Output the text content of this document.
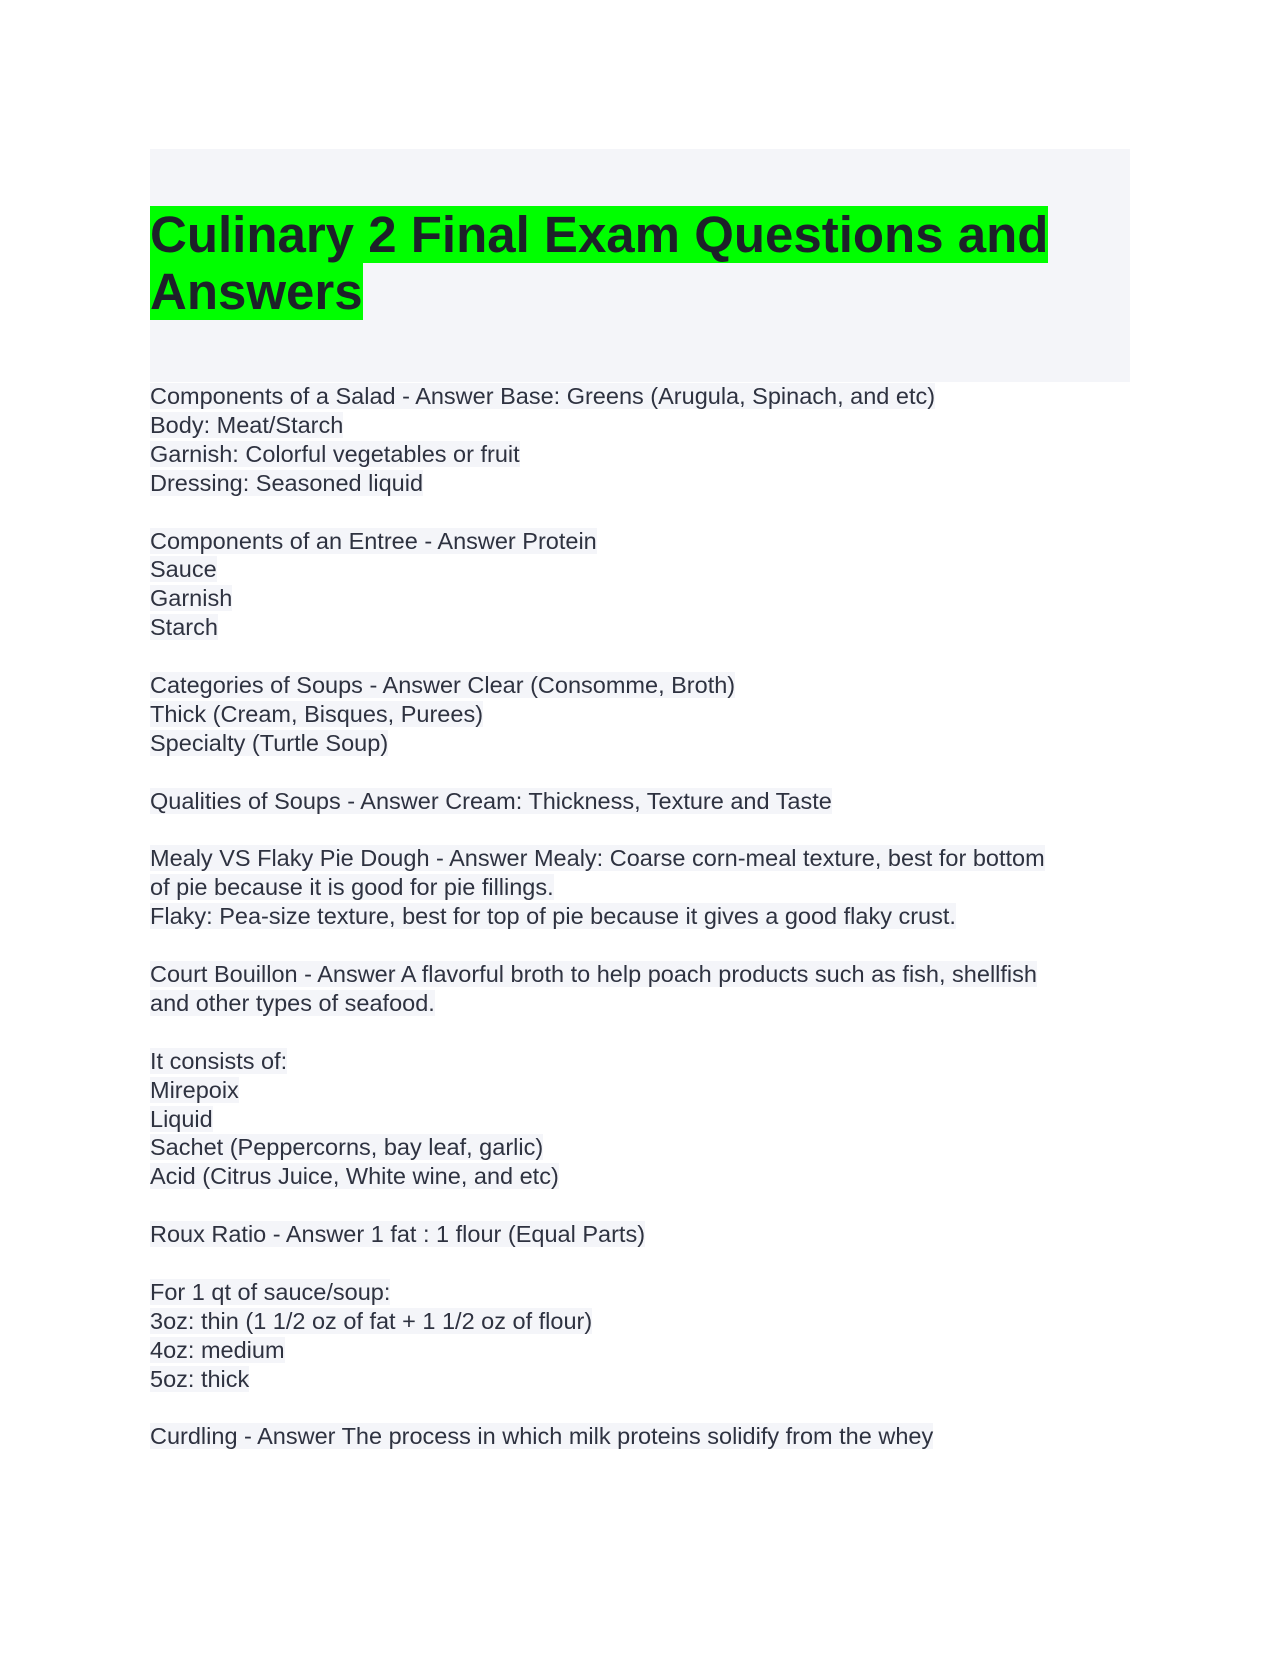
Culinary 2 Final Exam Questions and Answers
Components of a Salad - Answer Base: Greens (Arugula, Spinach, and etc)
Body: Meat/Starch
Garnish: Colorful vegetables or fruit
Dressing: Seasoned liquid
Components of an Entree - Answer Protein
Sauce
Garnish
Starch
Categories of Soups - Answer Clear (Consomme, Broth)
Thick (Cream, Bisques, Purees)
Specialty (Turtle Soup)
Qualities of Soups - Answer Cream: Thickness, Texture and Taste
Mealy VS Flaky Pie Dough - Answer Mealy: Coarse corn-meal texture, best for bottom
of pie because it is good for pie fillings.
Flaky: Pea-size texture, best for top of pie because it gives a good flaky crust.
Court Bouillon - Answer A flavorful broth to help poach products such as fish, shellfish
and other types of seafood.
It consists of:
Mirepoix
Liquid
Sachet (Peppercorns, bay leaf, garlic)
Acid (Citrus Juice, White wine, and etc)
Roux Ratio - Answer 1 fat : 1 flour (Equal Parts)
For 1 qt of sauce/soup:
3oz: thin (1 1/2 oz of fat + 1 1/2 oz of flour)
4oz: medium
5oz: thick
Curdling - Answer The process in which milk proteins solidify from the whey
